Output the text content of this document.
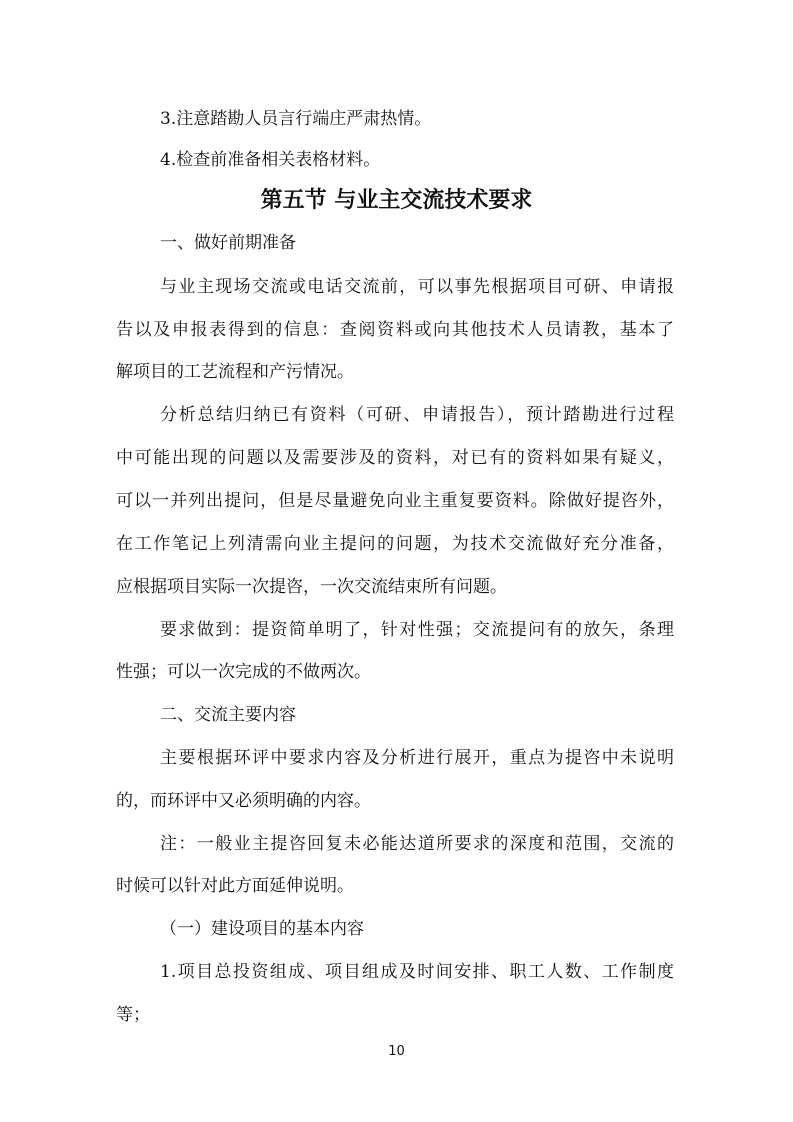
3.注意踏勘人员言行端庄严肃热情。
4.检查前准备相关表格材料。
第五节 与业主交流技术要求
一、做好前期准备
与业主现场交流或电话交流前，可以事先根据项目可研、申请报
告以及申报表得到的信息：查阅资料或向其他技术人员请教，基本了
解项目的工艺流程和产污情况。
分析总结归纳已有资料（可研、申请报告），预计踏勘进行过程
中可能出现的问题以及需要涉及的资料，对已有的资料如果有疑义，
可以一并列出提问，但是尽量避免向业主重复要资料。除做好提咨外，
在工作笔记上列清需向业主提问的问题，为技术交流做好充分准备，
应根据项目实际一次提咨，一次交流结束所有问题。
要求做到：提资简单明了，针对性强；交流提问有的放矢，条理
性强；可以一次完成的不做两次。
二、交流主要内容
主要根据环评中要求内容及分析进行展开，重点为提咨中未说明
的，而环评中又必须明确的内容。
注：一般业主提咨回复未必能达道所要求的深度和范围，交流的
时候可以针对此方面延伸说明。
（一）建设项目的基本内容
1.项目总投资组成、项目组成及时间安排、职工人数、工作制度
等；
10
